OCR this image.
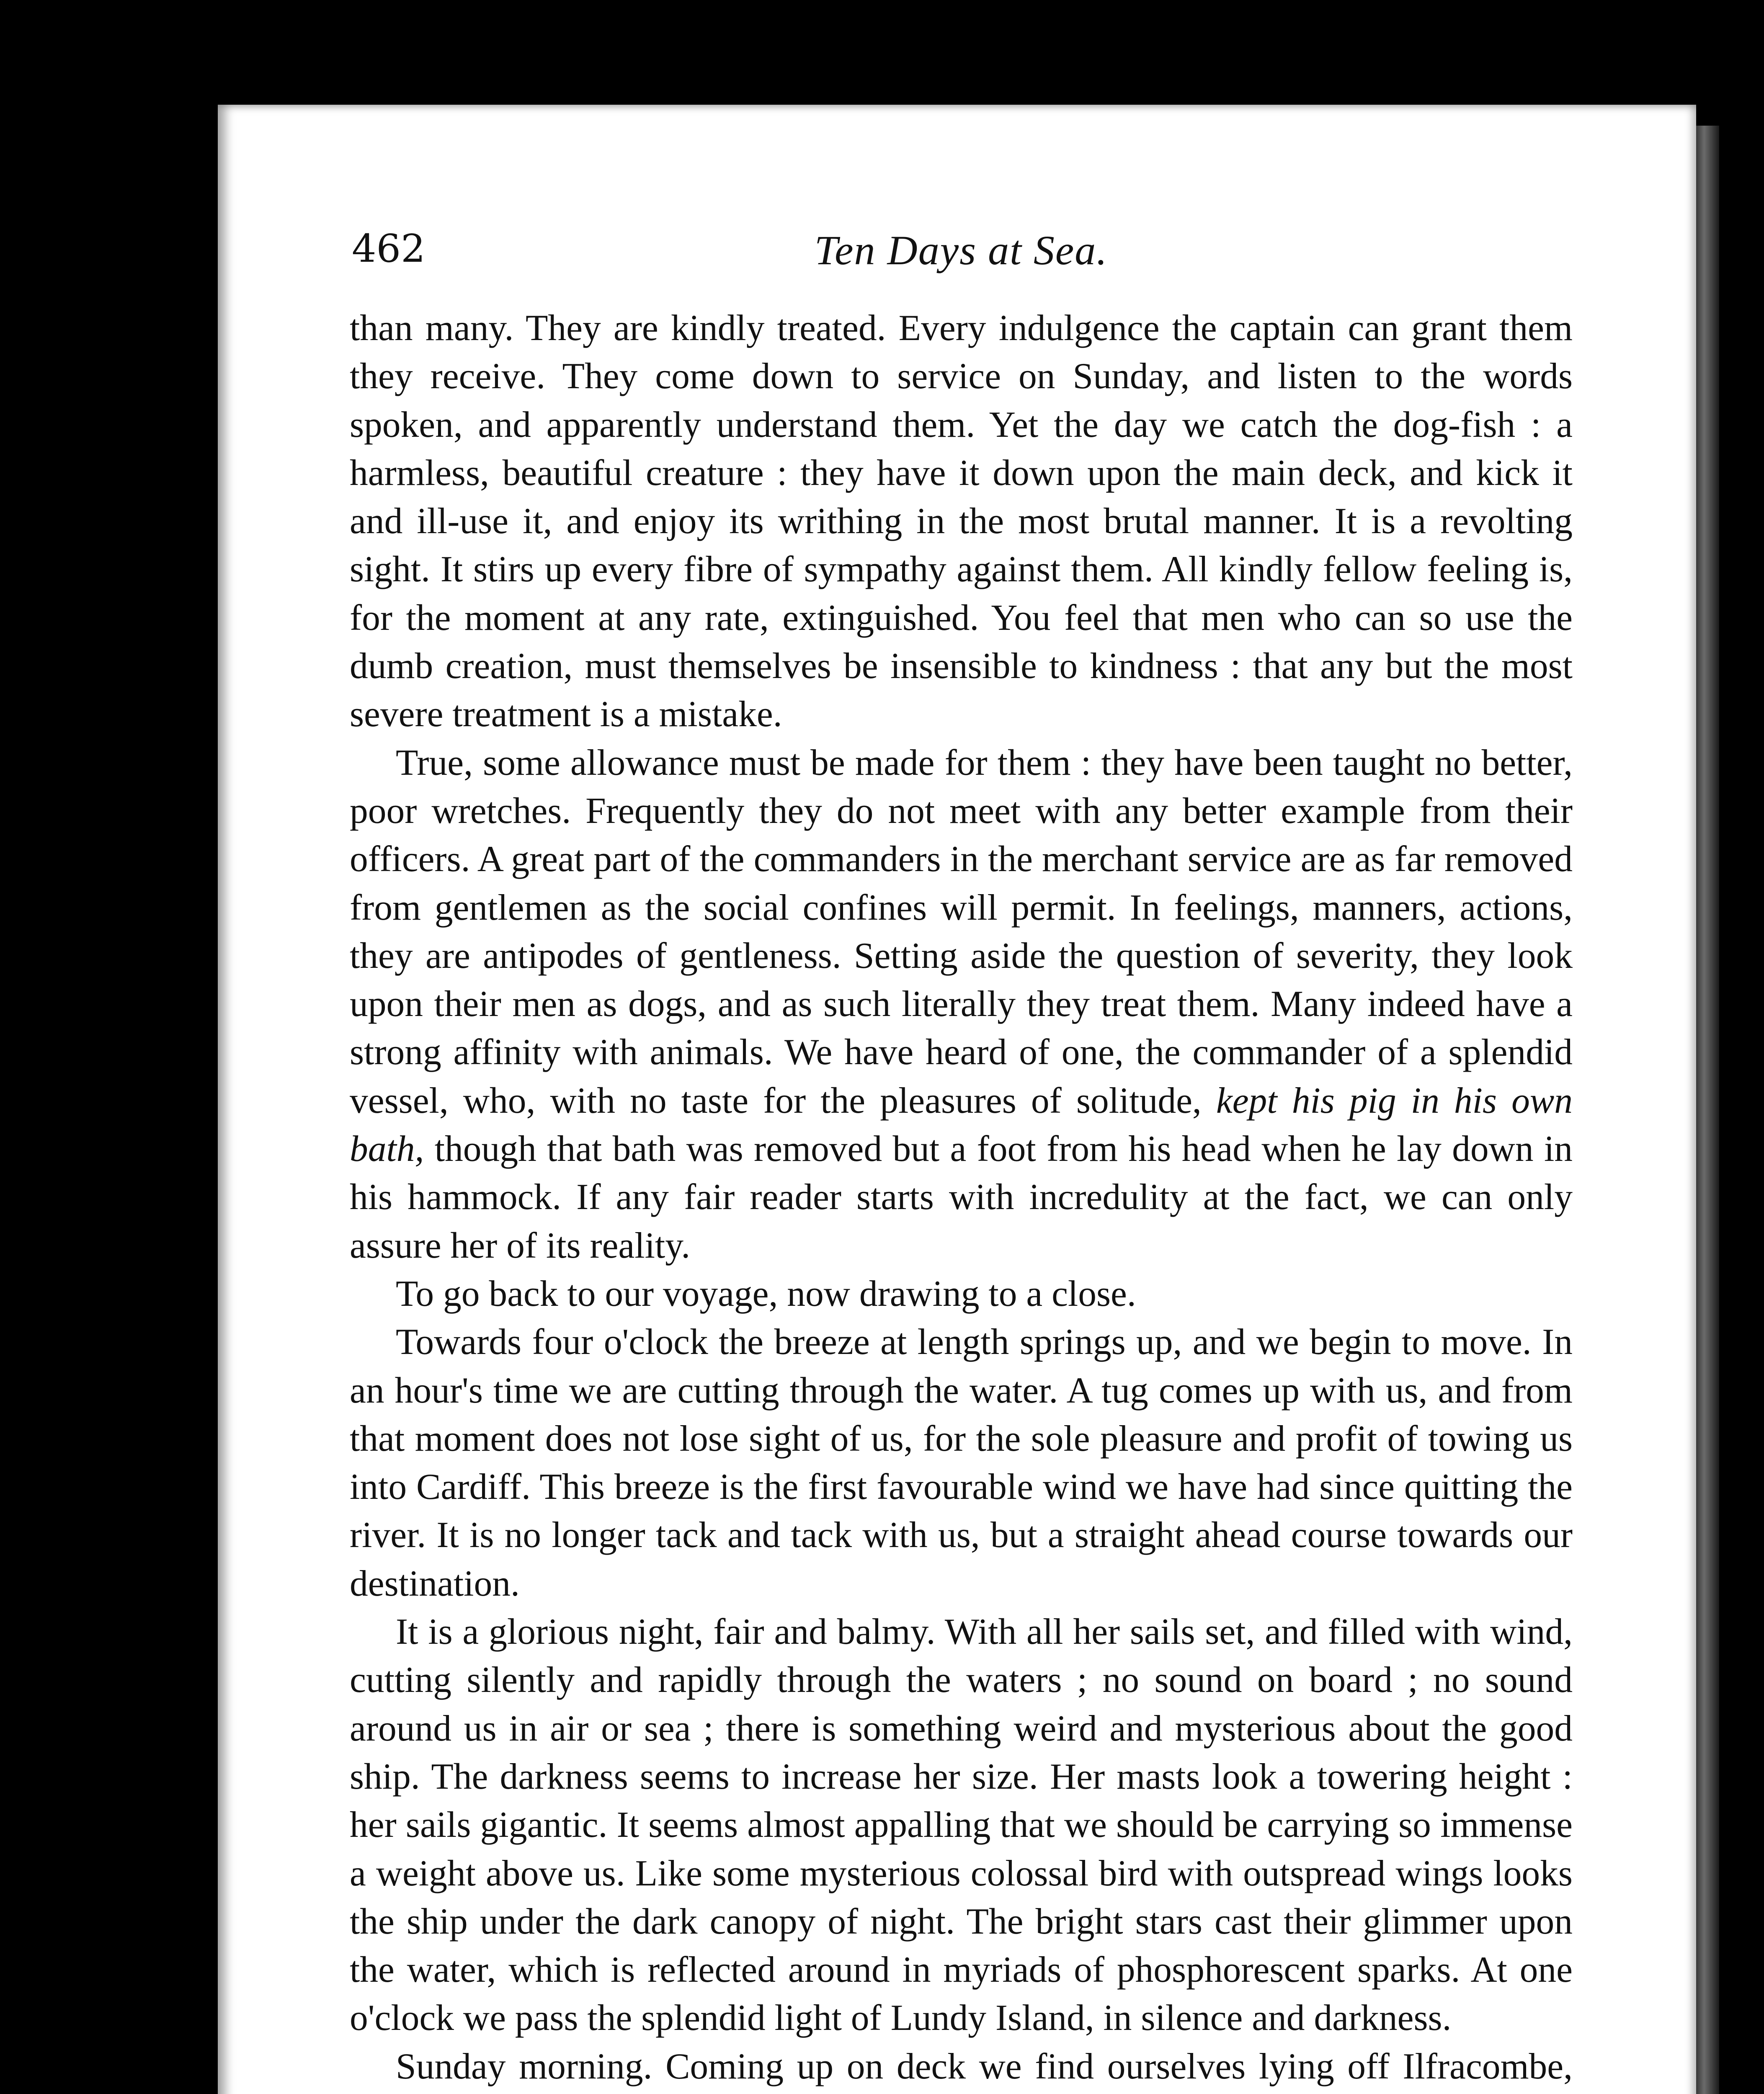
462	Ten Days at Sea.

than many. They are kindly treated. Every indulgence the captain can grant them they receive. They come down to service on Sunday, and listen to the words spoken, and apparently understand them. Yet the day we catch the dog-fish : a harmless, beautiful creature : they have it down upon the main deck, and kick it and ill-use it, and enjoy its writhing in the most brutal manner. It is a revolting sight. It stirs up every fibre of sympathy against them. All kindly fellow feeling is, for the moment at any rate, extinguished. You feel that men who can so use the dumb creation, must themselves be insensible to kindness : that any but the most severe treatment is a mistake.

True, some allowance must be made for them : they have been taught no better, poor wretches. Frequently they do not meet with any better example from their officers. A great part of the commanders in the merchant service are as far removed from gentlemen as the social confines will permit. In feelings, manners, actions, they are antipodes of gentleness. Setting aside the question of severity, they look upon their men as dogs, and as such literally they treat them. Many indeed have a strong affinity with animals. We have heard of one, the commander of a splendid vessel, who, with no taste for the pleasures of solitude, kept his pig in his own bath, though that bath was removed but a foot from his head when he lay down in his hammock. If any fair reader starts with incredulity at the fact, we can only assure her of its reality.

To go back to our voyage, now drawing to a close.

Towards four o'clock the breeze at length springs up, and we begin to move. In an hour's time we are cutting through the water. A tug comes up with us, and from that moment does not lose sight of us, for the sole pleasure and profit of towing us into Cardiff. This breeze is the first favourable wind we have had since quitting the river. It is no longer tack and tack with us, but a straight ahead course towards our destination.

It is a glorious night, fair and balmy. With all her sails set, and filled with wind, cutting silently and rapidly through the waters ; no sound on board ; no sound around us in air or sea ; there is something weird and mysterious about the good ship. The darkness seems to increase her size. Her masts look a towering height : her sails gigantic. It seems almost appalling that we should be carrying so immense a weight above us. Like some mysterious colossal bird with outspread wings looks the ship under the dark canopy of night. The bright stars cast their glimmer upon the water, which is reflected around in myriads of phosphorescent sparks. At one o'clock we pass the splendid light of Lundy Island, in silence and darkness.

Sunday morning. Coming up on deck we find ourselves lying off Ilfracombe,
